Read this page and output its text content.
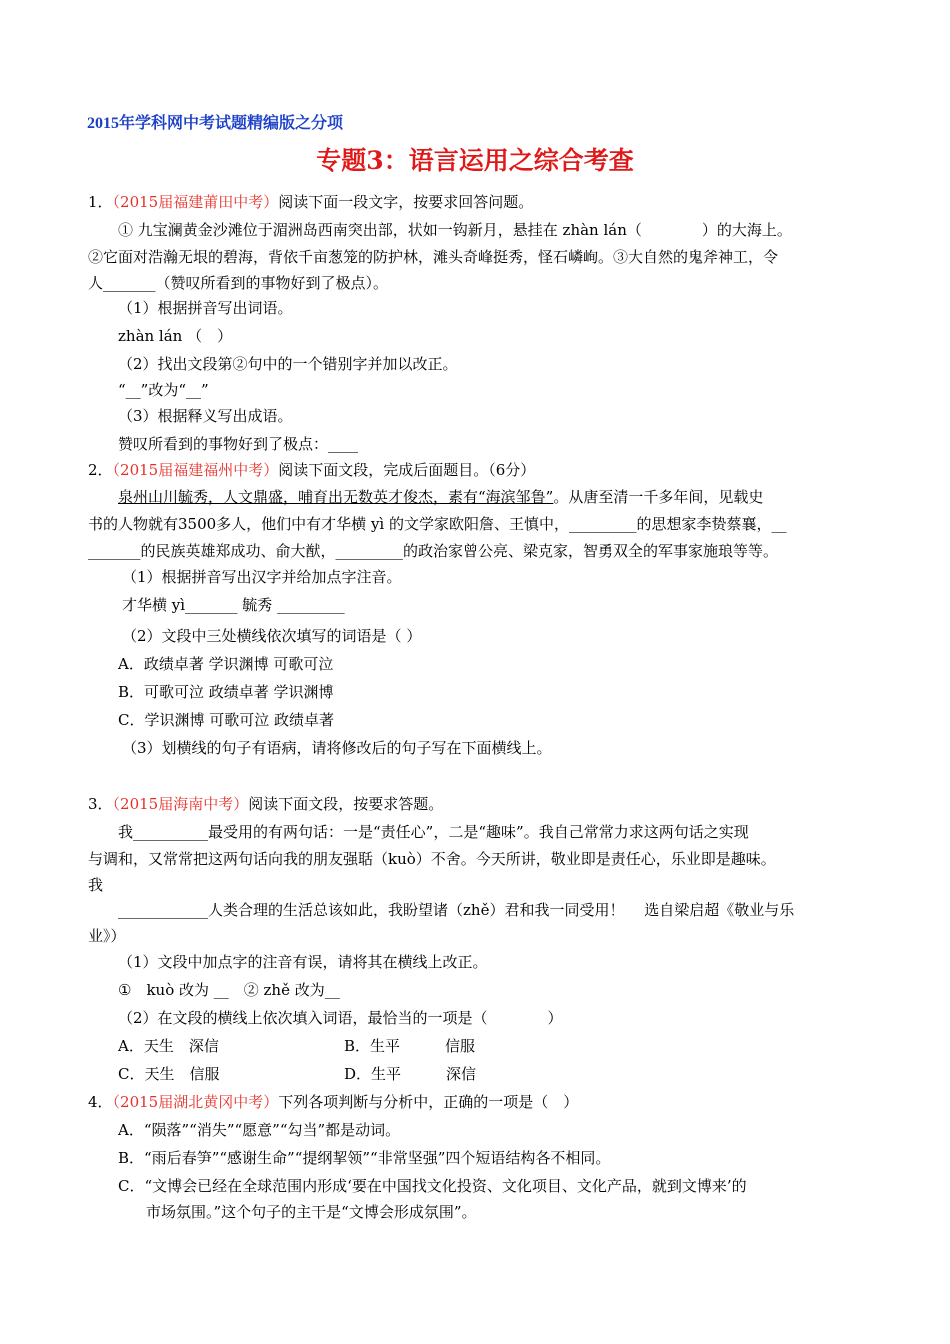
2015年学科网中考试题精编版之分项
专题3：语言运用之综合考查
1．（2015届福建莆田中考）阅读下面一段文字，按要求回答问题。
① 九宝澜黄金沙滩位于湄洲岛西南突出部，状如一钩新月，悬挂在 zhàn lán（　　　　）的大海上。
②它面对浩瀚无垠的碧海，背依千亩葱笼的防护林，滩头奇峰挺秀，怪石嶙峋。③大自然的鬼斧神工，令
人_______（赞叹所看到的事物好到了极点）。
（1）根据拼音写出词语。
zhàn lán （　）
（2）找出文段第②句中的一个错别字并加以改正。
“__”改为“__”
（3）根据释义写出成语。
赞叹所看到的事物好到了极点：____
2．（2015届福建福州中考）阅读下面文段，完成后面题目。（6分）
泉州山川毓秀，人文鼎盛，哺育出无数英才俊杰，素有“海滨邹鲁”。从唐至清一千多年间，见载史
书的人物就有3500多人，他们中有才华横 yì 的文学家欧阳詹、王慎中，_________的思想家李贽蔡襄，__
_______的民族英雄郑成功、俞大猷，_________的政治家曾公亮、梁克家，智勇双全的军事家施琅等等。
（1）根据拼音写出汉字并给加点字注音。
才华横 yì_______ 毓秀 _________
（2）文段中三处横线依次填写的词语是（ ）
A．政绩卓著 学识渊博 可歌可泣
B．可歌可泣 政绩卓著 学识渊博
C．学识渊博 可歌可泣 政绩卓著
（3）划横线的句子有语病，请将修改后的句子写在下面横线上。
3．（2015届海南中考）阅读下面文段，按要求答题。
我__________最受用的有两句话：一是“责任心”，二是“趣味”。我自己常常力求这两句话之实现
与调和，又常常把这两句话向我的朋友强聒（kuò）不舍。今天所讲，敬业即是责任心，乐业即是趣味。
我
____________人类合理的生活总该如此，我盼望诸（zhě）君和我一同受用！　 选自梁启超《敬业与乐
业》）
（1）文段中加点字的注音有误，请将其在横线上改正。
①　kuò 改为 __　② zhě 改为__
（2）在文段的横线上依次填入词语，最恰当的一项是（　　　　）
A．天生　深信	B．生平　　　信服
C．天生　信服	D．生平　　　深信
4．（2015届湖北黄冈中考）下列各项判断与分析中，正确的一项是（　）
A．“陨落”“消失”“愿意”“勾当”都是动词。
B．“雨后春笋”“感谢生命”“提纲挈领”“非常坚强”四个短语结构各不相同。
C．“文博会已经在全球范围内形成‘要在中国找文化投资、文化项目、文化产品，就到文博来’的
市场氛围。”这个句子的主干是“文博会形成氛围”。
